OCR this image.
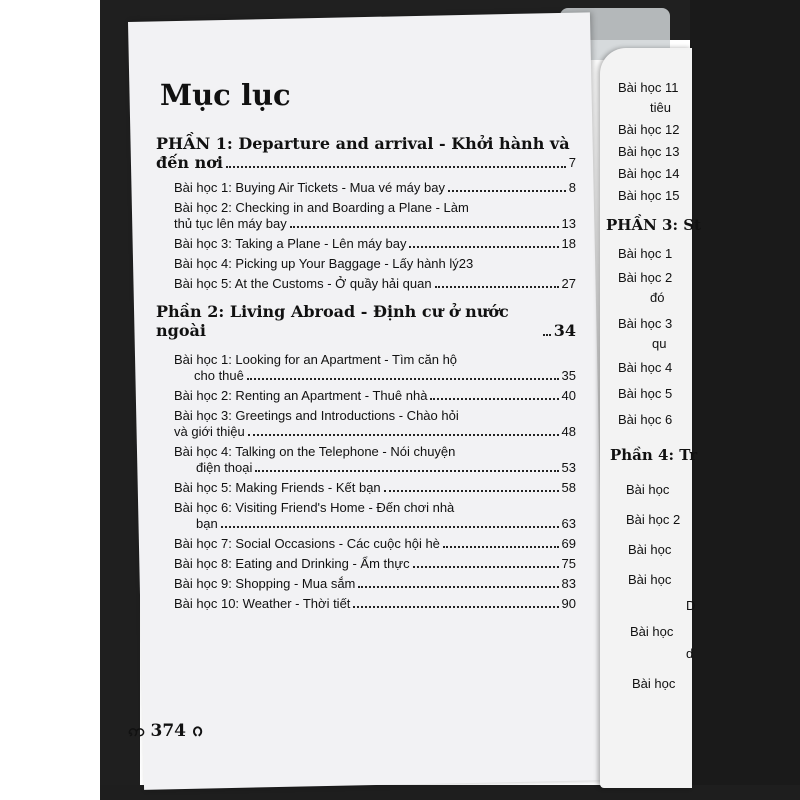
Bài học 11
tiêu
Bài học 12
Bài học 13
Bài học 14
Bài học 15
PHẦN 3: St
Bài học 1
Bài học 2
đó
Bài học 3
qu
Bài học 4
Bài học 5
Bài học 6
Phần 4: Tr
Bài học
Bài học 2
Bài học
Bài học
D
Bài học
d
Bài học
Mục lục
PHẦN 1: Departure and arrival - Khởi hành và
đến nơi	7
Bài học 1: Buying Air Tickets - Mua vé máy bay	8
Bài học 2: Checking in and Boarding a Plane - Làm
thủ tục lên máy bay	13
Bài học 3: Taking a Plane - Lên máy bay	18
Bài học 4: Picking up Your Baggage - Lấy hành lý 23
Bài học 5: At the Customs - Ở quầy hải quan	27
Phần 2: Living Abroad - Định cư ở nước ngoài	34
Bài học 1: Looking for an Apartment - Tìm căn hộ
cho thuê	35
Bài học 2: Renting an Apartment - Thuê nhà	40
Bài học 3: Greetings and Introductions - Chào hỏi
và giới thiệu	48
Bài học 4: Talking on the Telephone - Nói chuyện
điện thoại	53
Bài học 5: Making Friends - Kết bạn	58
Bài học 6: Visiting Friend's Home - Đến chơi nhà
bạn	63
Bài học 7: Social Occasions - Các cuộc hội hè	69
Bài học 8: Eating and Drinking - Ẩm thực	75
Bài học 9: Shopping - Mua sắm	83
Bài học 10: Weather - Thời tiết	90
ဢ 374 ᨣ
